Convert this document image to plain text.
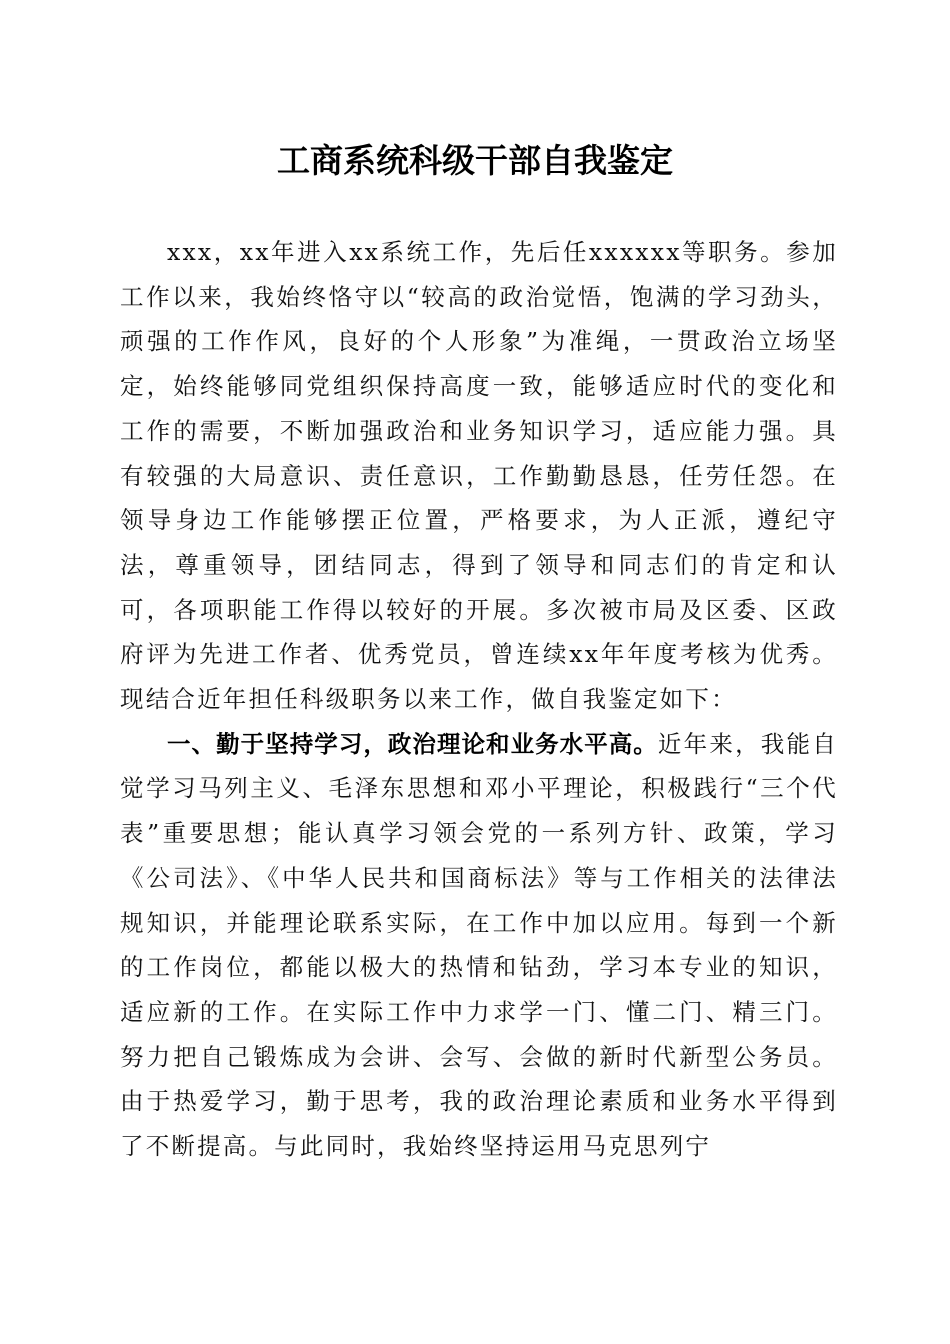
工商系统科级干部自我鉴定

xxx，xx年进入xx系统工作，先后任xxxxxx等职务。参加工作以来，我始终恪守以“较高的政治觉悟，饱满的学习劲头，顽强的工作作风，良好的个人形象”为准绳，一贯政治立场坚定，始终能够同党组织保持高度一致，能够适应时代的变化和工作的需要，不断加强政治和业务知识学习，适应能力强。具有较强的大局意识、责任意识，工作勤勤恳恳，任劳任怨。在领导身边工作能够摆正位置，严格要求，为人正派，遵纪守法，尊重领导，团结同志，得到了领导和同志们的肯定和认可，各项职能工作得以较好的开展。多次被市局及区委、区政府评为先进工作者、优秀党员，曾连续xx年年度考核为优秀。现结合近年担任科级职务以来工作，做自我鉴定如下：

一、勤于坚持学习，政治理论和业务水平高。近年来，我能自觉学习马列主义、毛泽东思想和邓小平理论，积极践行“三个代表”重要思想；能认真学习领会党的一系列方针、政策，学习《公司法》、《中华人民共和国商标法》等与工作相关的法律法规知识，并能理论联系实际，在工作中加以应用。每到一个新的工作岗位，都能以极大的热情和钻劲，学习本专业的知识，适应新的工作。在实际工作中力求学一门、懂二门、精三门。努力把自己锻炼成为会讲、会写、会做的新时代新型公务员。由于热爱学习，勤于思考，我的政治理论素质和业务水平得到了不断提高。与此同时，我始终坚持运用马克思列宁
